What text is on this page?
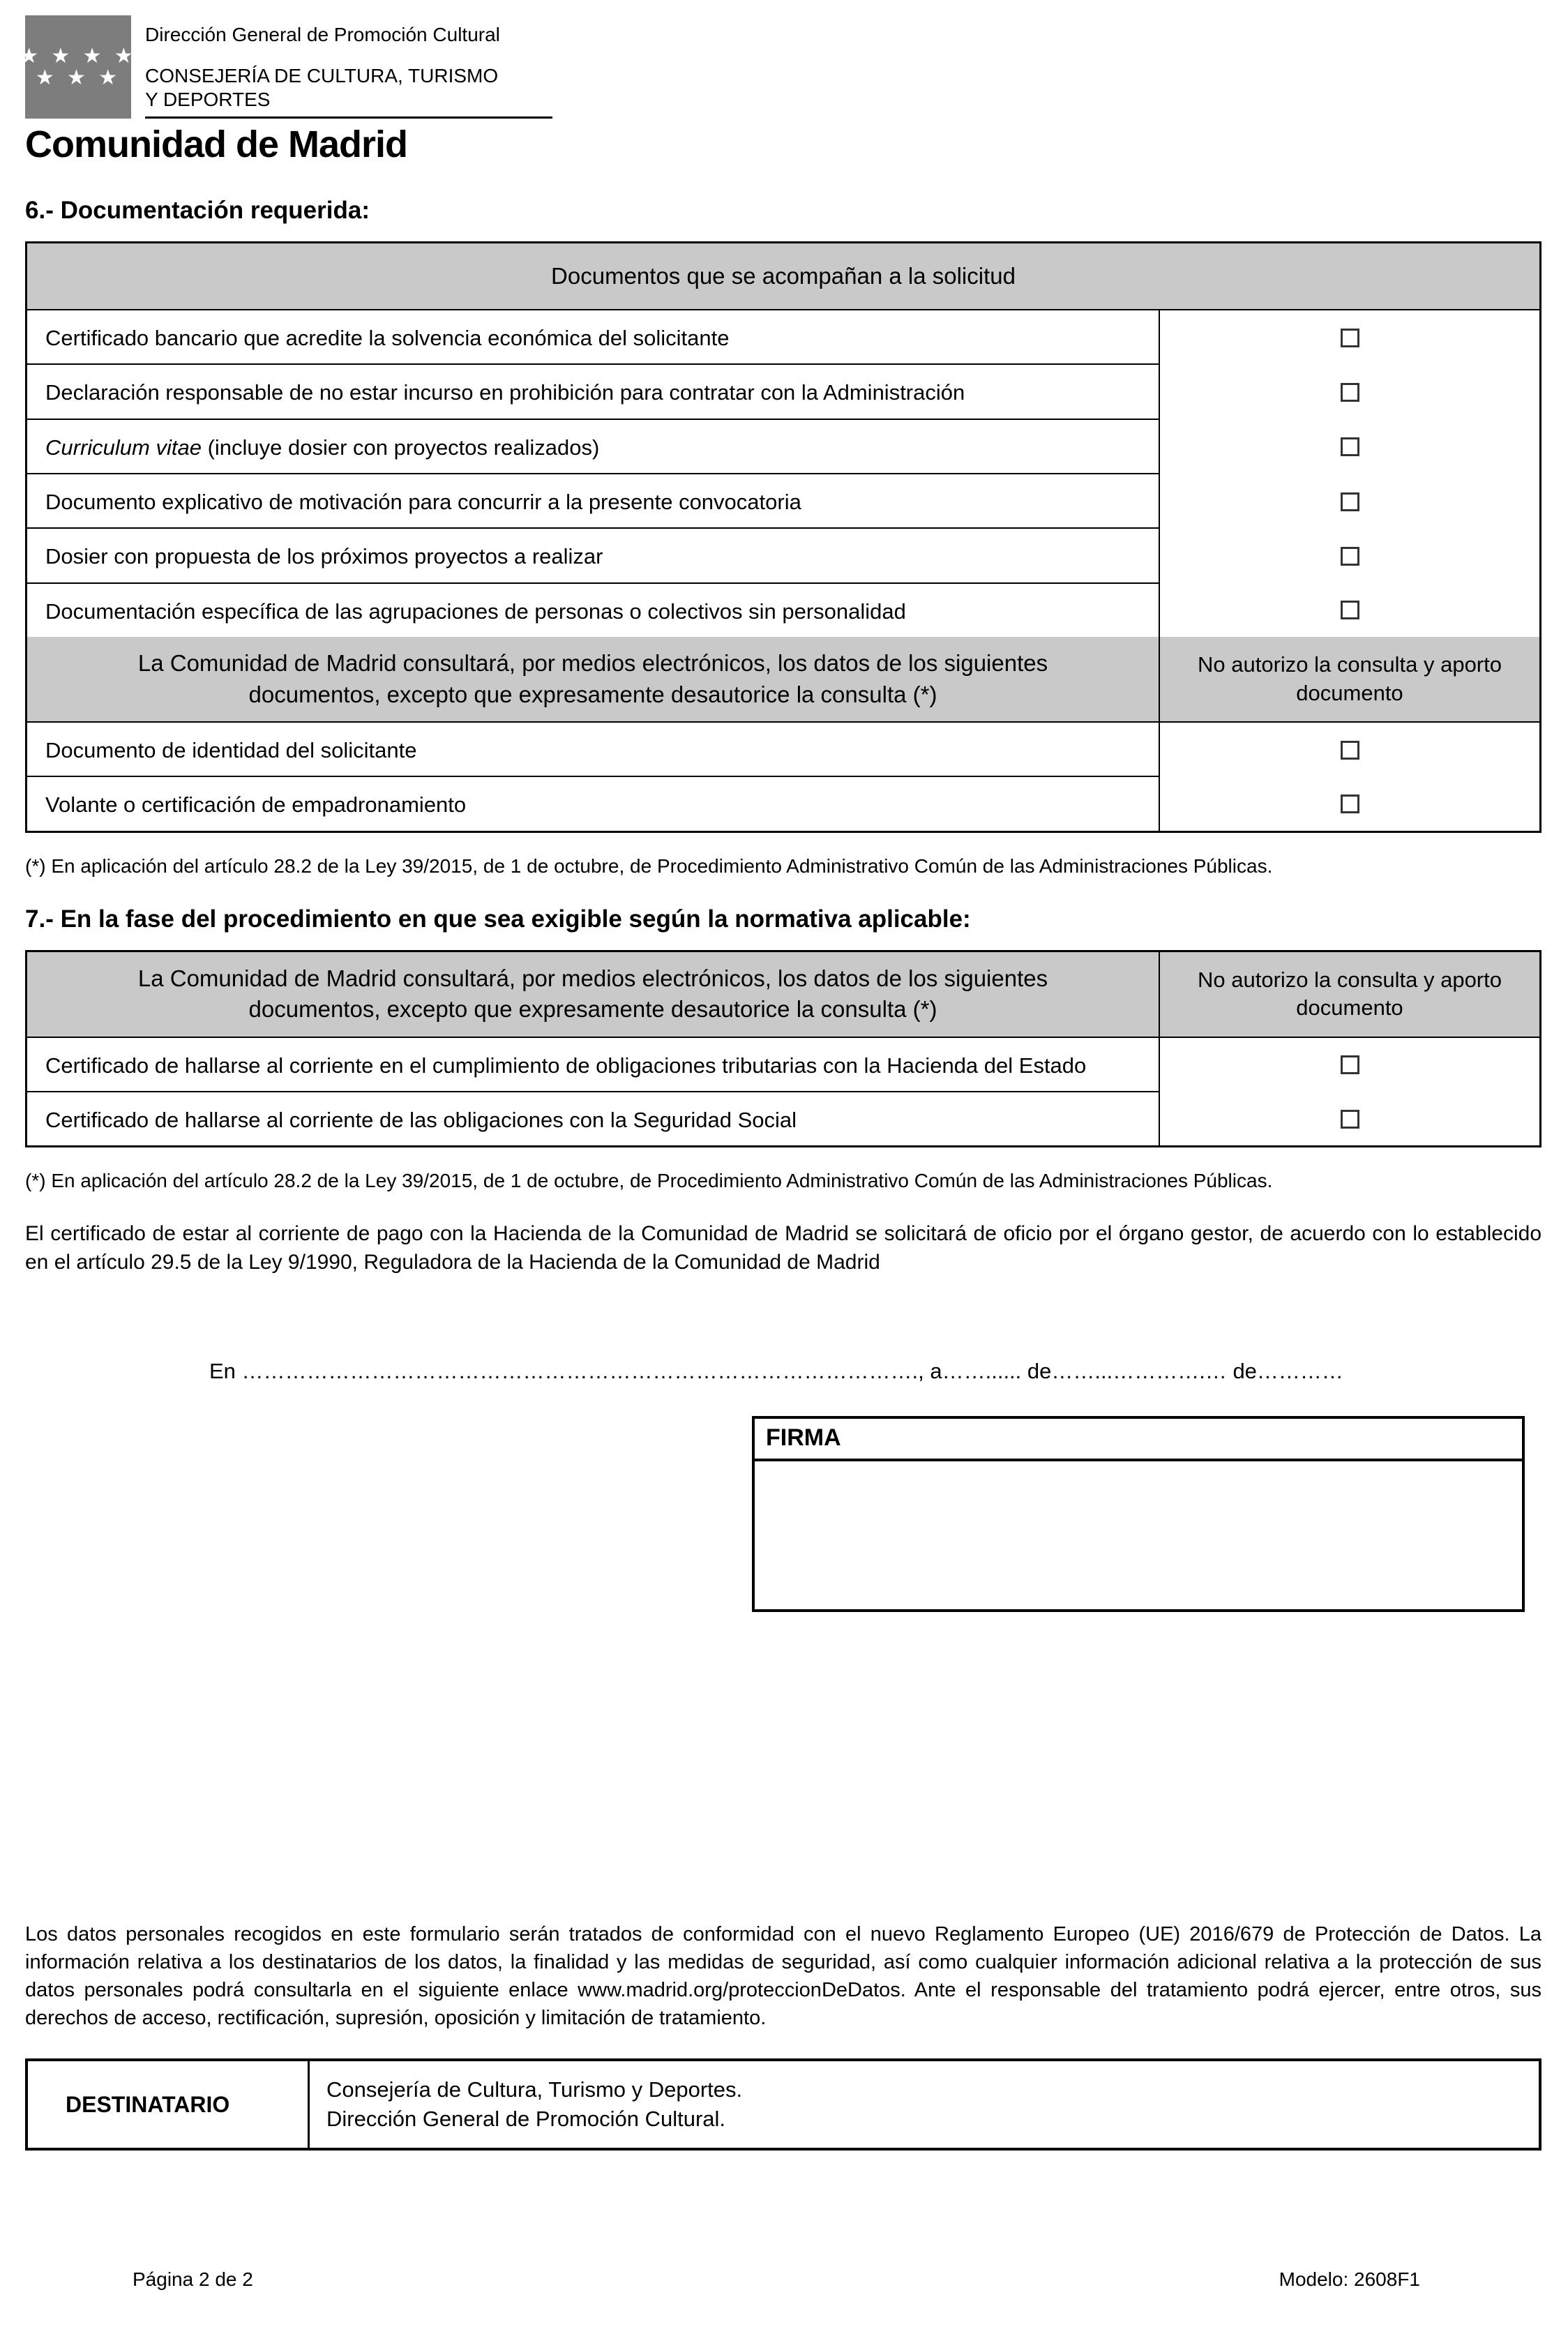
★ ★ ★ ★
★ ★ ★
Dirección General de Promoción Cultural
CONSEJERÍA DE CULTURA, TURISMO
Y DEPORTES
Comunidad de Madrid
6.- Documentación requerida:
Documentos que se acompañan a la solicitud
Certificado bancario que acredite la solvencia económica del solicitante
Declaración responsable de no estar incurso en prohibición para contratar con la Administración
Curriculum vitae (incluye dosier con proyectos realizados)
Documento explicativo de motivación para concurrir a la presente convocatoria
Dosier con propuesta de los próximos proyectos a realizar
Documentación específica de las agrupaciones de personas o colectivos sin personalidad
La Comunidad de Madrid consultará, por medios electrónicos, los datos de los siguientes documentos, excepto que expresamente desautorice la consulta (*)
No autorizo la consulta y aporto documento
Documento de identidad del solicitante
Volante o certificación de empadronamiento
(*) En aplicación del artículo 28.2 de la Ley 39/2015, de 1 de octubre, de Procedimiento Administrativo Común de las Administraciones Públicas.
7.- En la fase del procedimiento en que sea exigible según la normativa aplicable:
La Comunidad de Madrid consultará, por medios electrónicos, los datos de los siguientes documentos, excepto que expresamente desautorice la consulta (*)
No autorizo la consulta y aporto documento
Certificado de hallarse al corriente en el cumplimiento de obligaciones tributarias con la Hacienda del Estado
Certificado de hallarse al corriente de las obligaciones con la Seguridad Social
(*) En aplicación del artículo 28.2 de la Ley 39/2015, de 1 de octubre, de Procedimiento Administrativo Común de las Administraciones Públicas.
El certificado de estar al corriente de pago con la Hacienda de la Comunidad de Madrid se solicitará de oficio por el órgano gestor, de acuerdo con lo establecido en el artículo 29.5 de la Ley 9/1990, Reguladora de la Hacienda de la Comunidad de Madrid
En …………………………………………………………………………………., a……...... de……...………….… de…………
FIRMA
Los datos personales recogidos en este formulario serán tratados de conformidad con el nuevo Reglamento Europeo (UE) 2016/679 de Protección de Datos. La información relativa a los destinatarios de los datos, la finalidad y las medidas de seguridad, así como cualquier información adicional relativa a la protección de sus datos personales podrá consultarla en el siguiente enlace www.madrid.org/proteccionDeDatos. Ante el responsable del tratamiento podrá ejercer, entre otros, sus derechos de acceso, rectificación, supresión, oposición y limitación de tratamiento.
DESTINATARIO
Consejería de Cultura, Turismo y Deportes.
Dirección General de Promoción Cultural.
Página 2 de 2	Modelo: 2608F1
